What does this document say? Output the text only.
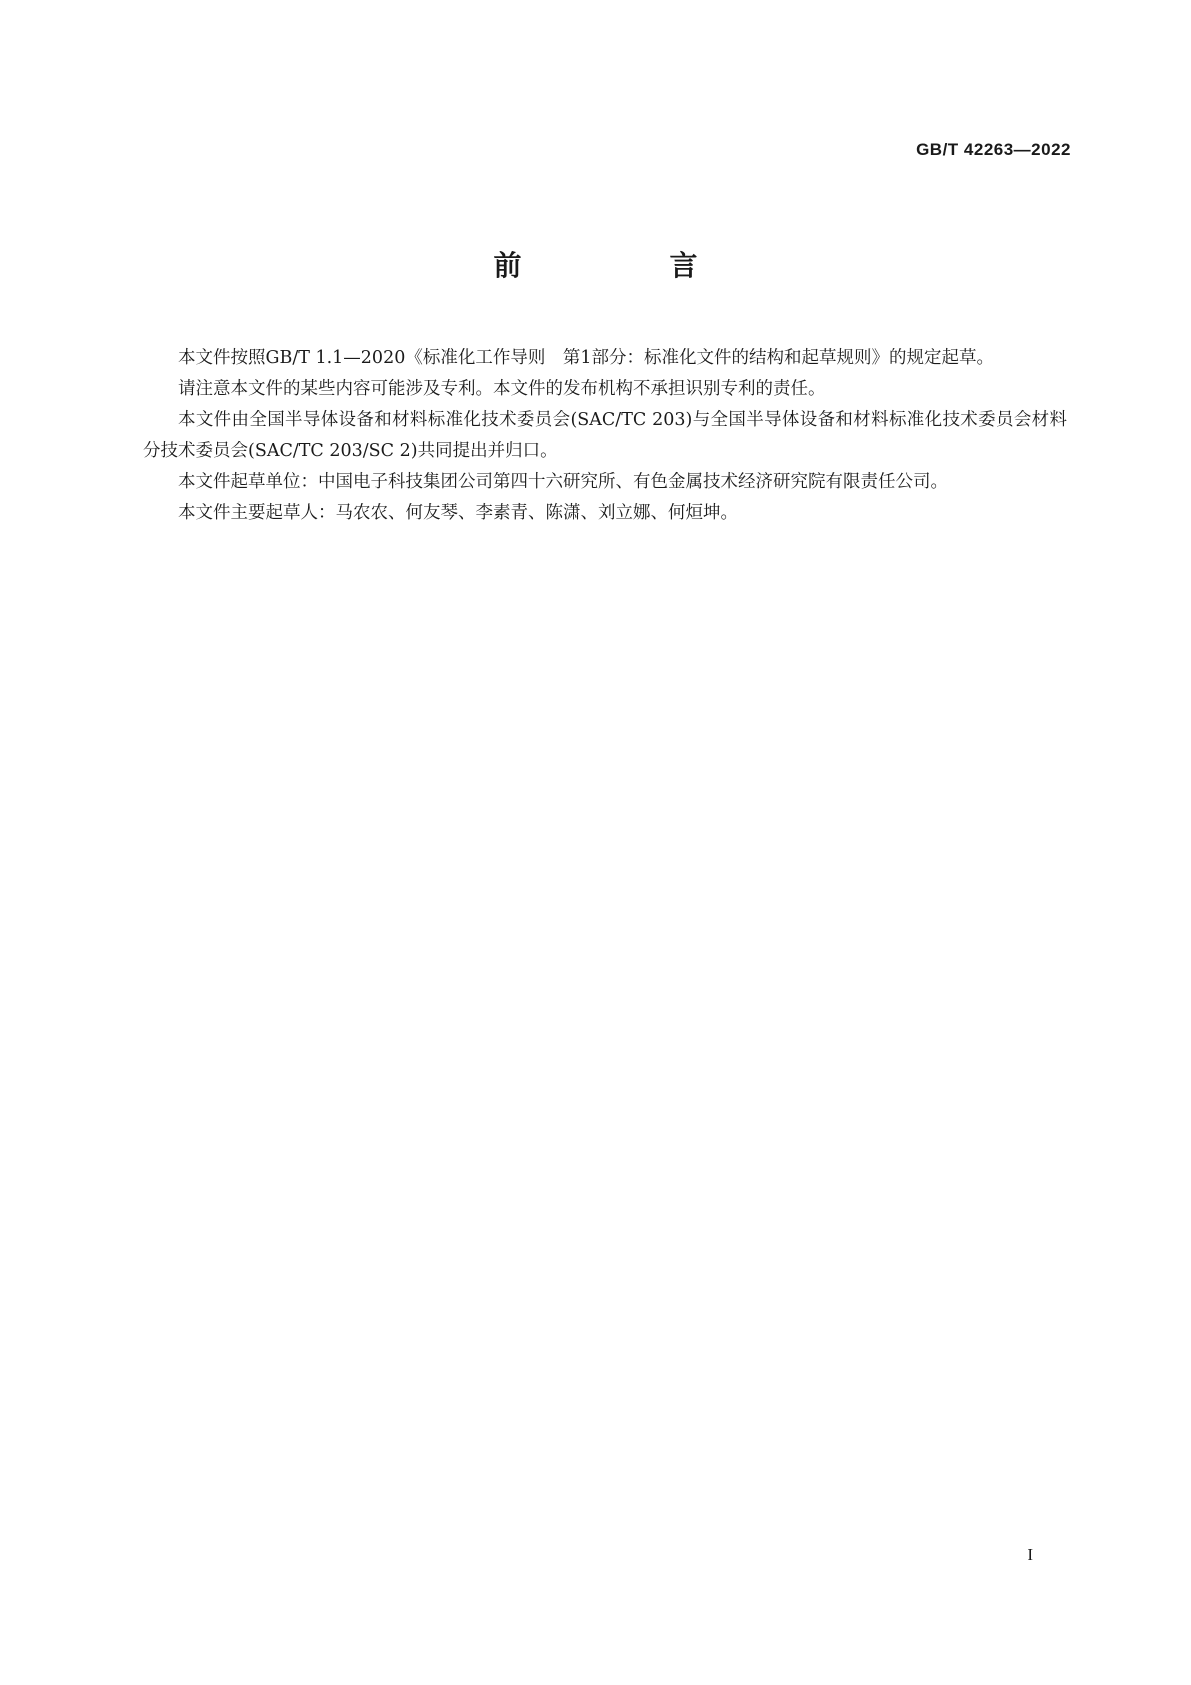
GB/T 42263—2022
前　言

本文件按照GB/T 1.1—2020《标准化工作导则　第1部分：标准化文件的结构和起草规则》的规定起草。

请注意本文件的某些内容可能涉及专利。本文件的发布机构不承担识别专利的责任。

本文件由全国半导体设备和材料标准化技术委员会(SAC/TC 203)与全国半导体设备和材料标准化技术委员会材料分技术委员会(SAC/TC 203/SC 2)共同提出并归口。

本文件起草单位：中国电子科技集团公司第四十六研究所、有色金属技术经济研究院有限责任公司。

本文件主要起草人：马农农、何友琴、李素青、陈潇、刘立娜、何烜坤。

I
